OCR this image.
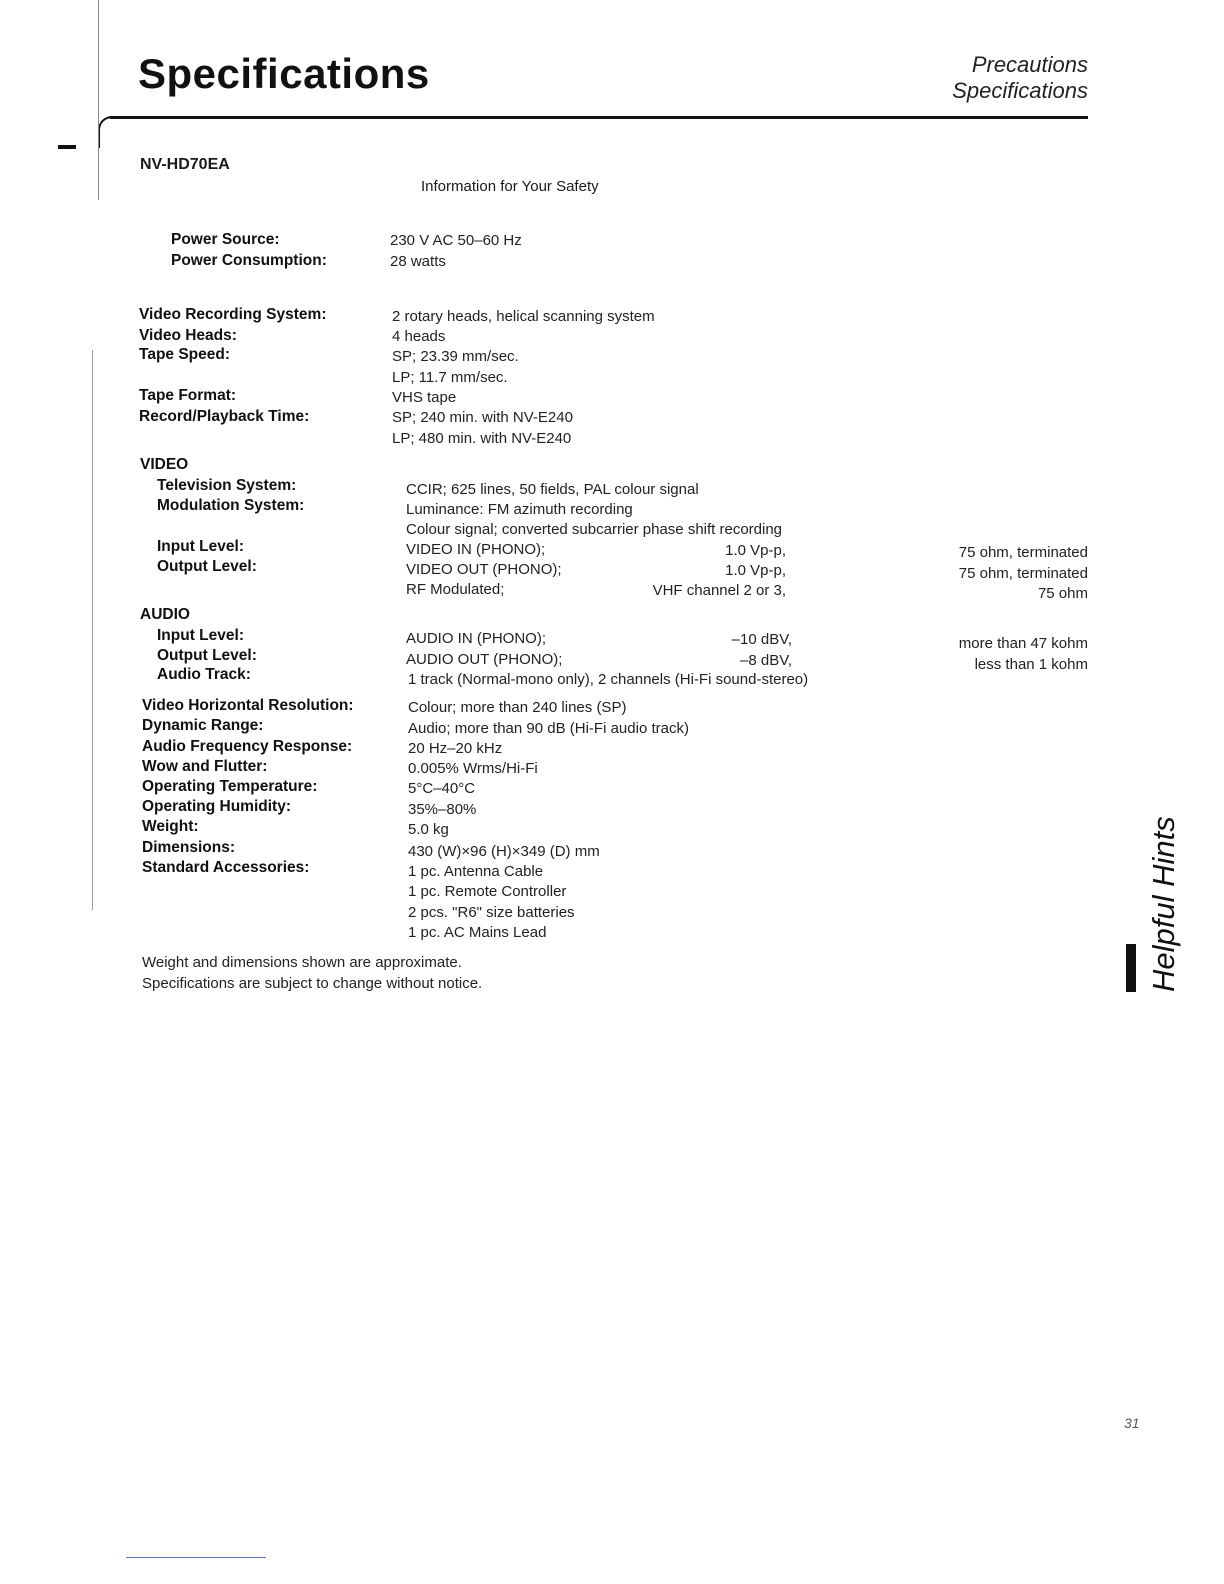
Specifications	Precautions
Specifications
NV-HD70EA
Information for Your Safety
Power Source:	230 V AC 50–60 Hz
Power Consumption:	28 watts
Video Recording System:	2 rotary heads, helical scanning system
Video Heads:	4 heads
Tape Speed:	SP; 23.39 mm/sec.
LP; 11.7 mm/sec.
Tape Format:	VHS tape
Record/Playback Time:	SP; 240 min. with NV-E240
LP; 480 min. with NV-E240
VIDEO
Television System:	CCIR; 625 lines, 50 fields, PAL colour signal
Modulation System:	Luminance: FM azimuth recording
Colour signal; converted subcarrier phase shift recording
Input Level:	VIDEO IN (PHONO);	1.0 Vp-p,	75 ohm, terminated
Output Level:	VIDEO OUT (PHONO);	1.0 Vp-p,	75 ohm, terminated
RF Modulated;	VHF channel 2 or 3,	75 ohm
AUDIO
Input Level:	AUDIO IN (PHONO);	–10 dBV,	more than 47 kohm
Output Level:	AUDIO OUT (PHONO);	–8 dBV,	less than 1 kohm
Audio Track:	1 track (Normal-mono only), 2 channels (Hi-Fi sound-stereo)
Video Horizontal Resolution:	Colour; more than 240 lines (SP)
Dynamic Range:	Audio; more than 90 dB (Hi-Fi audio track)
Audio Frequency Response:	20 Hz–20 kHz
Wow and Flutter:	0.005% Wrms/Hi-Fi
Operating Temperature:	5°C–40°C
Operating Humidity:	35%–80%
Weight:	5.0 kg
Dimensions:	430 (W)×96 (H)×349 (D) mm
Standard Accessories:	1 pc. Antenna Cable
1 pc. Remote Controller
2 pcs. "R6" size batteries
1 pc. AC Mains Lead
Weight and dimensions shown are approximate.
Specifications are subject to change without notice.	Helpful Hints
31
